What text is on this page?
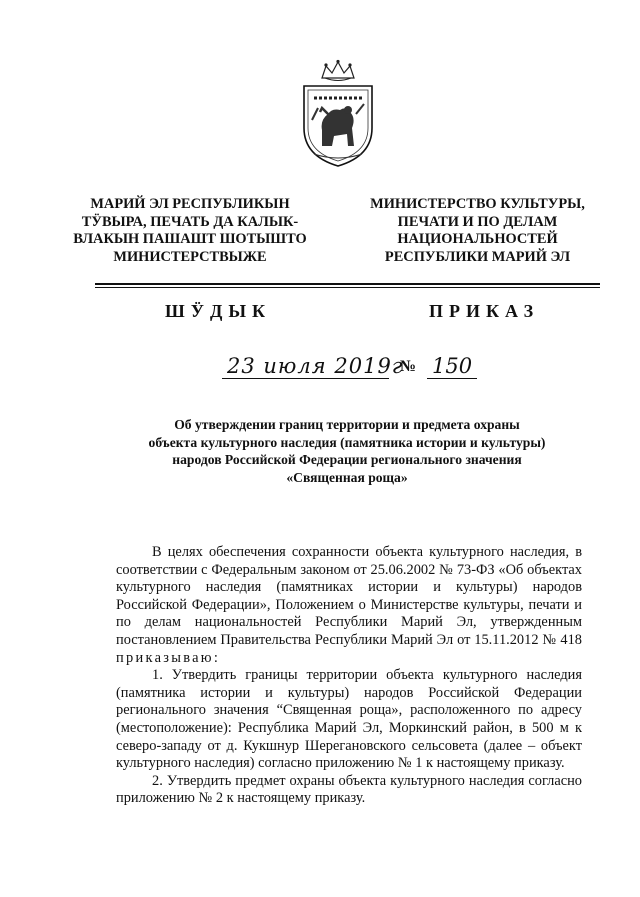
МАРИЙ ЭЛ РЕСПУБЛИКЫН
ТӰВЫРА, ПЕЧАТЬ ДА КАЛЫК-
ВЛАКЫН ПАШАШТ ШОТЫШТО
МИНИСТЕРСТВЫЖЕ
МИНИСТЕРСТВО КУЛЬТУРЫ,
ПЕЧАТИ И ПО ДЕЛАМ
НАЦИОНАЛЬНОСТЕЙ
РЕСПУБЛИКИ МАРИЙ ЭЛ
ШӰДЫК	ПРИКАЗ
23 июля 2019г
№ 150
Об утверждении границ территории и предмета охраны
объекта культурного наследия (памятника истории и культуры)
народов Российской Федерации регионального значения
«Священная роща»

В целях обеспечения сохранности объекта культурного наследия, в соответствии с Федеральным законом от 25.06.2002 № 73-ФЗ «Об объектах культурного наследия (памятниках истории и культуры) народов Российской Федерации», Положением о Министерстве культуры, печати и по делам национальностей Республики Марий Эл, утвержденным постановлением Правительства Республики Марий Эл от 15.11.2012 № 418 приказываю:

1. Утвердить границы территории объекта культурного наследия (памятника истории и культуры) народов Российской Федерации регионального значения “Священная роща», расположенного по адресу (местоположение): Республика Марий Эл, Моркинский район, в 500 м к северо-западу от д. Кукшнур Шерегановского сельсовета (далее – объект культурного наследия) согласно приложению № 1 к настоящему приказу.

2. Утвердить предмет охраны объекта культурного наследия согласно приложению № 2 к настоящему приказу.
